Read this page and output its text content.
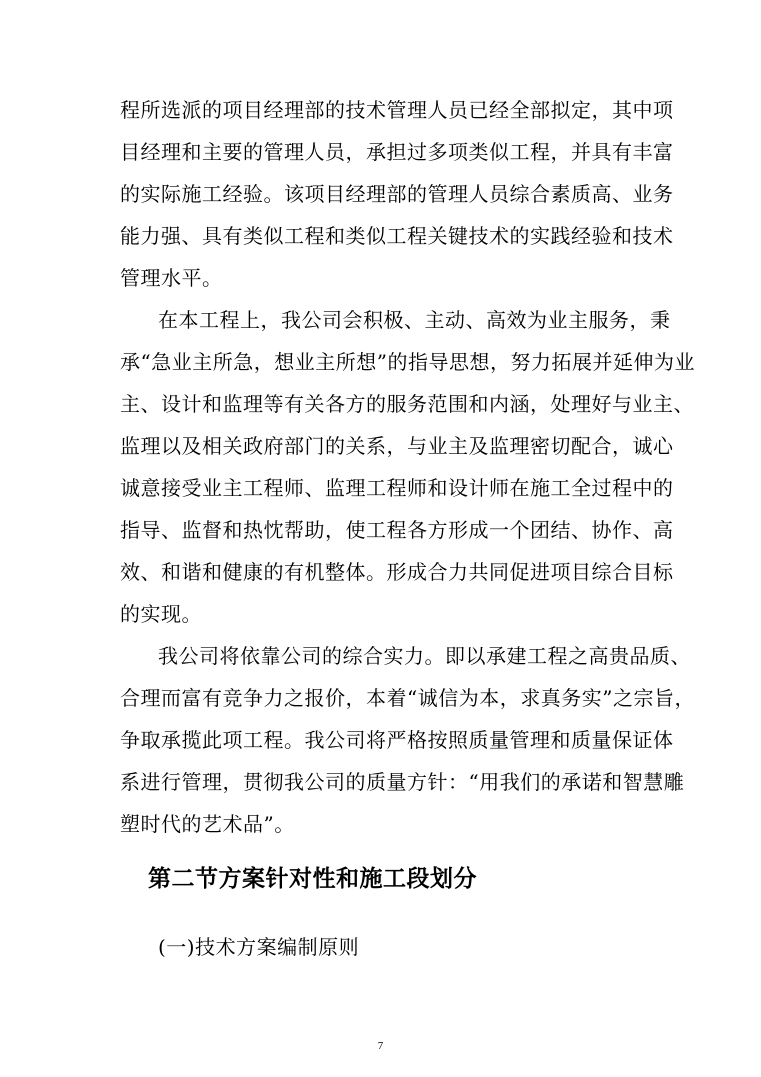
程所选派的项目经理部的技术管理人员已经全部拟定，其中项
目经理和主要的管理人员，承担过多项类似工程，并具有丰富
的实际施工经验。该项目经理部的管理人员综合素质高、业务
能力强、具有类似工程和类似工程关键技术的实践经验和技术
管理水平。
在本工程上，我公司会积极、主动、高效为业主服务，秉
承“急业主所急，想业主所想”的指导思想，努力拓展并延伸为业
主、设计和监理等有关各方的服务范围和内涵，处理好与业主、
监理以及相关政府部门的关系，与业主及监理密切配合，诚心
诚意接受业主工程师、监理工程师和设计师在施工全过程中的
指导、监督和热忱帮助，使工程各方形成一个团结、协作、高
效、和谐和健康的有机整体。形成合力共同促进项目综合目标
的实现。
我公司将依靠公司的综合实力。即以承建工程之高贵品质、
合理而富有竞争力之报价，本着“诚信为本，求真务实”之宗旨，
争取承揽此项工程。我公司将严格按照质量管理和质量保证体
系进行管理，贯彻我公司的质量方针：“用我们的承诺和智慧雕
塑时代的艺术品”。
第二节方案针对性和施工段划分
(一)技术方案编制原则
7
